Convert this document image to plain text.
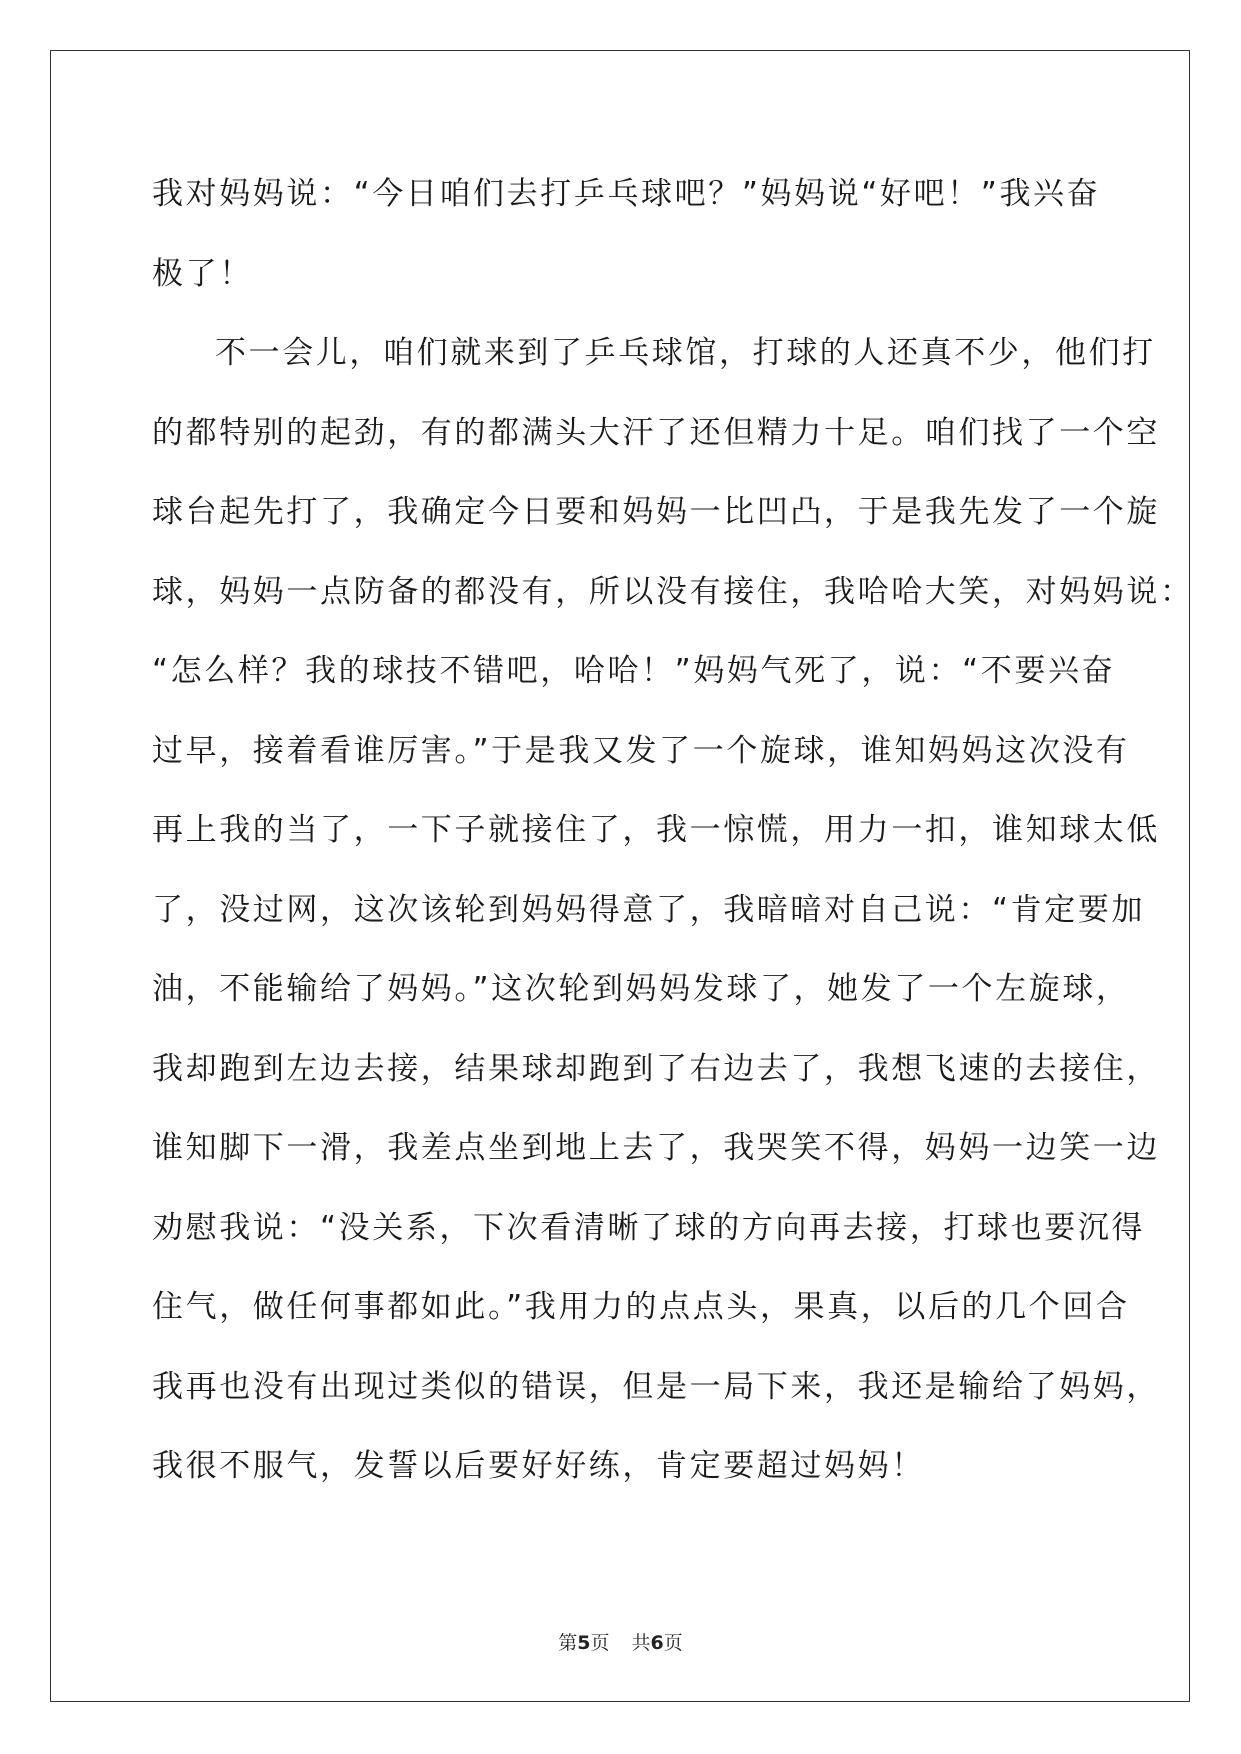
我对妈妈说：“今日咱们去打乒乓球吧？”妈妈说“好吧！”我兴奋

极了！

不一会儿，咱们就来到了乒乓球馆，打球的人还真不少，他们打

的都特别的起劲，有的都满头大汗了还但精力十足。咱们找了一个空

球台起先打了，我确定今日要和妈妈一比凹凸，于是我先发了一个旋

球，妈妈一点防备的都没有，所以没有接住，我哈哈大笑，对妈妈说：

“怎么样？我的球技不错吧，哈哈！”妈妈气死了，说：“不要兴奋

过早，接着看谁厉害。”于是我又发了一个旋球，谁知妈妈这次没有

再上我的当了，一下子就接住了，我一惊慌，用力一扣，谁知球太低

了，没过网，这次该轮到妈妈得意了，我暗暗对自己说：“肯定要加

油，不能输给了妈妈。”这次轮到妈妈发球了，她发了一个左旋球，

我却跑到左边去接，结果球却跑到了右边去了，我想飞速的去接住，

谁知脚下一滑，我差点坐到地上去了，我哭笑不得，妈妈一边笑一边

劝慰我说：“没关系，下次看清晰了球的方向再去接，打球也要沉得

住气，做任何事都如此。”我用力的点点头，果真，以后的几个回合

我再也没有出现过类似的错误，但是一局下来，我还是输给了妈妈，

我很不服气，发誓以后要好好练，肯定要超过妈妈！

第5页 共6页
